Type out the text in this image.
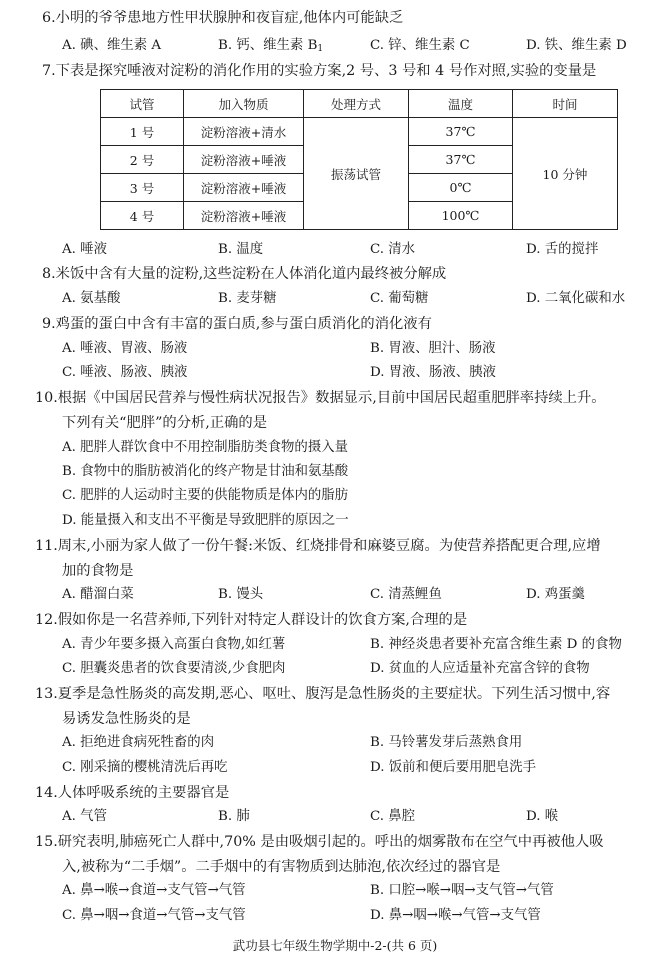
6.小明的爷爷患地方性甲状腺肿和夜盲症,他体内可能缺乏
A. 碘、维生素 A	B. 钙、维生素 $B_1$	C. 锌、维生素 C	D. 铁、维生素 D
7.下表是探究唾液对淀粉的消化作用的实验方案,2 号、3 号和 4 号作对照,实验的变量是
试管	加入物质	处理方式	温度	时间
1 号	淀粉溶液+清水	振荡试管	37℃	10 分钟
2 号	淀粉溶液+唾液		37℃	
3 号	淀粉溶液+唾液		0℃	
4 号	淀粉溶液+唾液		100℃	
A. 唾液	B. 温度	C. 清水	D. 舌的搅拌
8.米饭中含有大量的淀粉,这些淀粉在人体消化道内最终被分解成
A. 氨基酸	B. 麦芽糖	C. 葡萄糖	D. 二氧化碳和水
9.鸡蛋的蛋白中含有丰富的蛋白质,参与蛋白质消化的消化液有
A. 唾液、胃液、肠液	B. 胃液、胆汁、肠液
C. 唾液、肠液、胰液	D. 胃液、肠液、胰液
10.根据《中国居民营养与慢性病状况报告》数据显示,目前中国居民超重肥胖率持续上升。
下列有关“肥胖”的分析,正确的是
A. 肥胖人群饮食中不用控制脂肪类食物的摄入量
B. 食物中的脂肪被消化的终产物是甘油和氨基酸
C. 肥胖的人运动时主要的供能物质是体内的脂肪
D. 能量摄入和支出不平衡是导致肥胖的原因之一
11.周末,小丽为家人做了一份午餐:米饭、红烧排骨和麻婆豆腐。为使营养搭配更合理,应增
加的食物是
A. 醋溜白菜	B. 馒头	C. 清蒸鲤鱼	D. 鸡蛋羹
12.假如你是一名营养师,下列针对特定人群设计的饮食方案,合理的是
A. 青少年要多摄入高蛋白食物,如红薯	B. 神经炎患者要补充富含维生素 D 的食物
C. 胆囊炎患者的饮食要清淡,少食肥肉	D. 贫血的人应适量补充富含锌的食物
13.夏季是急性肠炎的高发期,恶心、呕吐、腹泻是急性肠炎的主要症状。下列生活习惯中,容
易诱发急性肠炎的是
A. 拒绝进食病死牲畜的肉	B. 马铃薯发芽后蒸熟食用
C. 刚采摘的樱桃清洗后再吃	D. 饭前和便后要用肥皂洗手
14.人体呼吸系统的主要器官是
A. 气管	B. 肺	C. 鼻腔	D. 喉
15.研究表明,肺癌死亡人群中,70% 是由吸烟引起的。呼出的烟雾散布在空气中再被他人吸
入,被称为“二手烟”。二手烟中的有害物质到达肺泡,依次经过的器官是
A. 鼻→喉→食道→支气管→气管	B. 口腔→喉→咽→支气管→气管
C. 鼻→咽→食道→气管→支气管	D. 鼻→咽→喉→气管→支气管
武功县七年级生物学期中-2-(共 6 页)
